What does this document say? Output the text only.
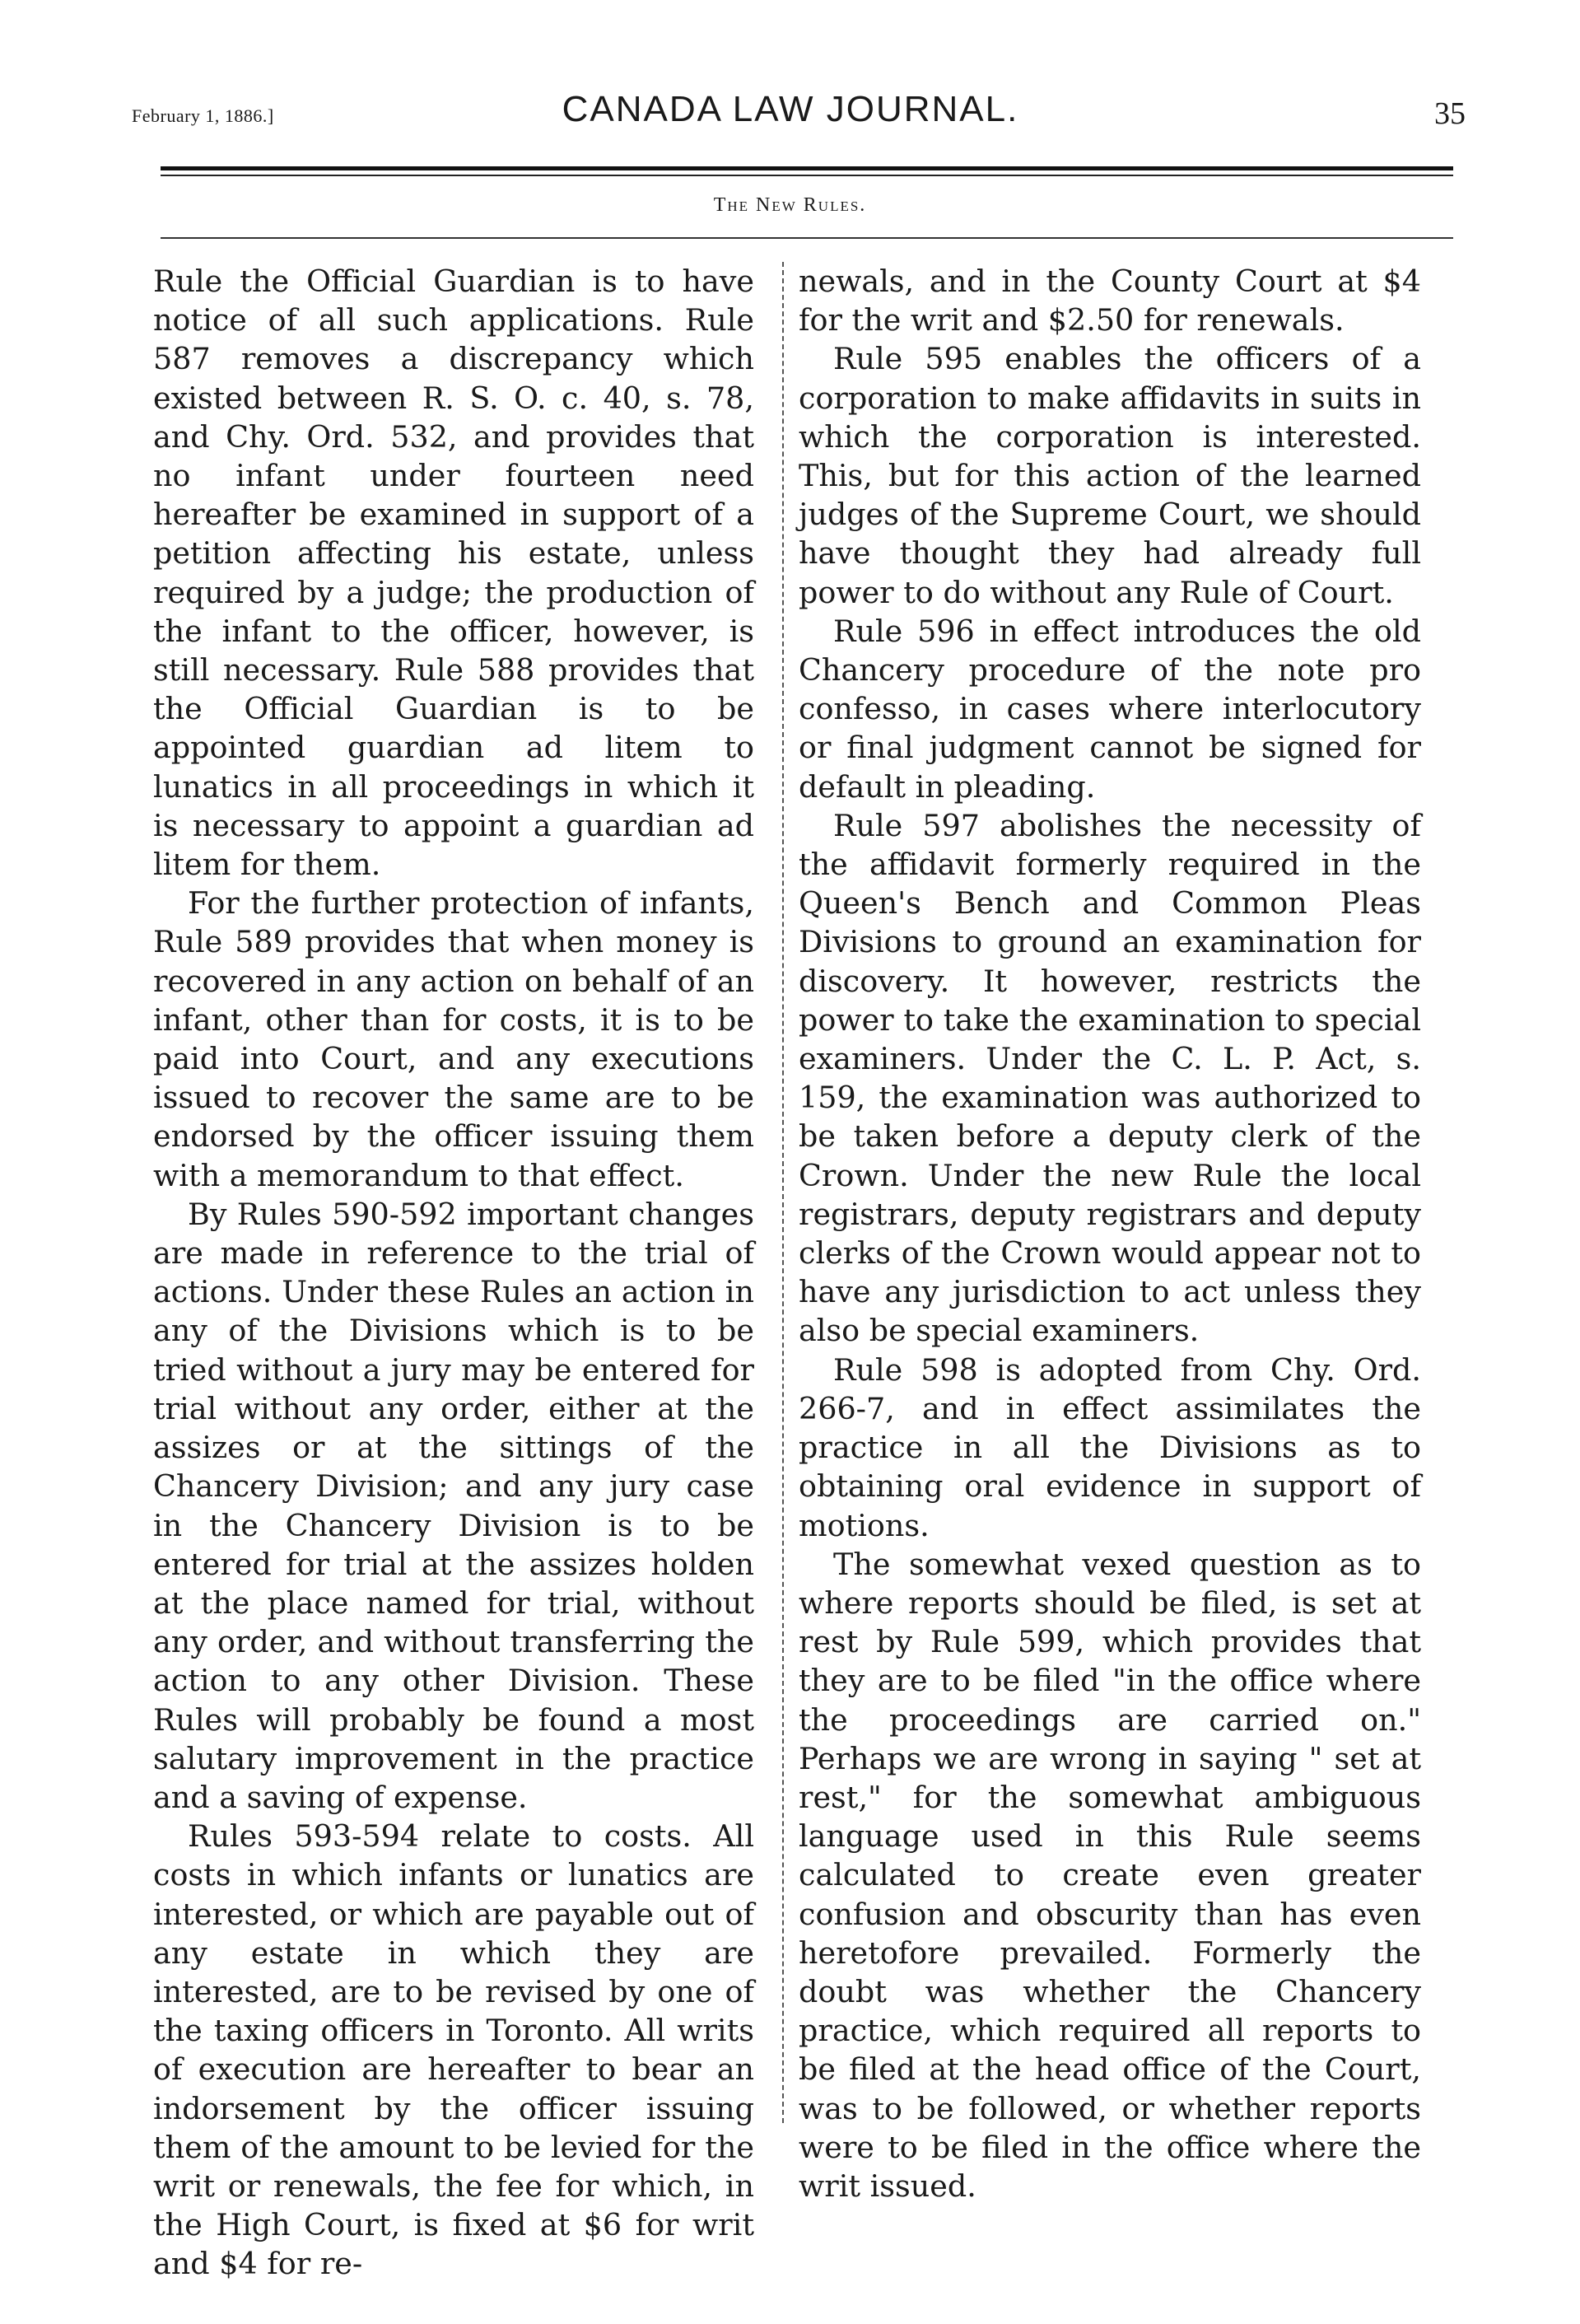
February 1, 1886.]	CANADA LAW JOURNAL.	35
The New Rules.

Rule the Official Guardian is to have notice of all such applications. Rule 587 removes a discrepancy which existed between R. S. O. c. 40, s. 78, and Chy. Ord. 532, and provides that no infant under fourteen need hereafter be examined in support of a petition affecting his estate, unless required by a judge; the production of the infant to the officer, however, is still necessary. Rule 588 provides that the Official Guardian is to be appointed guardian ad litem to lunatics in all proceedings in which it is necessary to appoint a guardian ad litem for them.

For the further protection of infants, Rule 589 provides that when money is recovered in any action on behalf of an infant, other than for costs, it is to be paid into Court, and any executions issued to recover the same are to be endorsed by the officer issuing them with a memorandum to that effect.

By Rules 590-592 important changes are made in reference to the trial of actions. Under these Rules an action in any of the Divisions which is to be tried without a jury may be entered for trial without any order, either at the assizes or at the sittings of the Chancery Division; and any jury case in the Chancery Division is to be entered for trial at the assizes holden at the place named for trial, without any order, and without transferring the action to any other Division. These Rules will probably be found a most salutary improvement in the practice and a saving of expense.

Rules 593-594 relate to costs. All costs in which infants or lunatics are interested, or which are payable out of any estate in which they are interested, are to be revised by one of the taxing officers in Toronto. All writs of execution are hereafter to bear an indorsement by the officer issuing them of the amount to be levied for the writ or renewals, the fee for which, in the High Court, is fixed at $6 for writ and $4 for re-

newals, and in the County Court at $4 for the writ and $2.50 for renewals.

Rule 595 enables the officers of a corporation to make affidavits in suits in which the corporation is interested. This, but for this action of the learned judges of the Supreme Court, we should have thought they had already full power to do without any Rule of Court.

Rule 596 in effect introduces the old Chancery procedure of the note pro confesso, in cases where interlocutory or final judgment cannot be signed for default in pleading.

Rule 597 abolishes the necessity of the affidavit formerly required in the Queen's Bench and Common Pleas Divisions to ground an examination for discovery. It however, restricts the power to take the examination to special examiners. Under the C. L. P. Act, s. 159, the examination was authorized to be taken before a deputy clerk of the Crown. Under the new Rule the local registrars, deputy registrars and deputy clerks of the Crown would appear not to have any jurisdiction to act unless they also be special examiners.

Rule 598 is adopted from Chy. Ord. 266-7, and in effect assimilates the practice in all the Divisions as to obtaining oral evidence in support of motions.

The somewhat vexed question as to where reports should be filed, is set at rest by Rule 599, which provides that they are to be filed "in the office where the proceedings are carried on." Perhaps we are wrong in saying " set at rest," for the somewhat ambiguous language used in this Rule seems calculated to create even greater confusion and obscurity than has even heretofore prevailed. Formerly the doubt was whether the Chancery practice, which required all reports to be filed at the head office of the Court, was to be followed, or whether reports were to be filed in the office where the writ issued.
